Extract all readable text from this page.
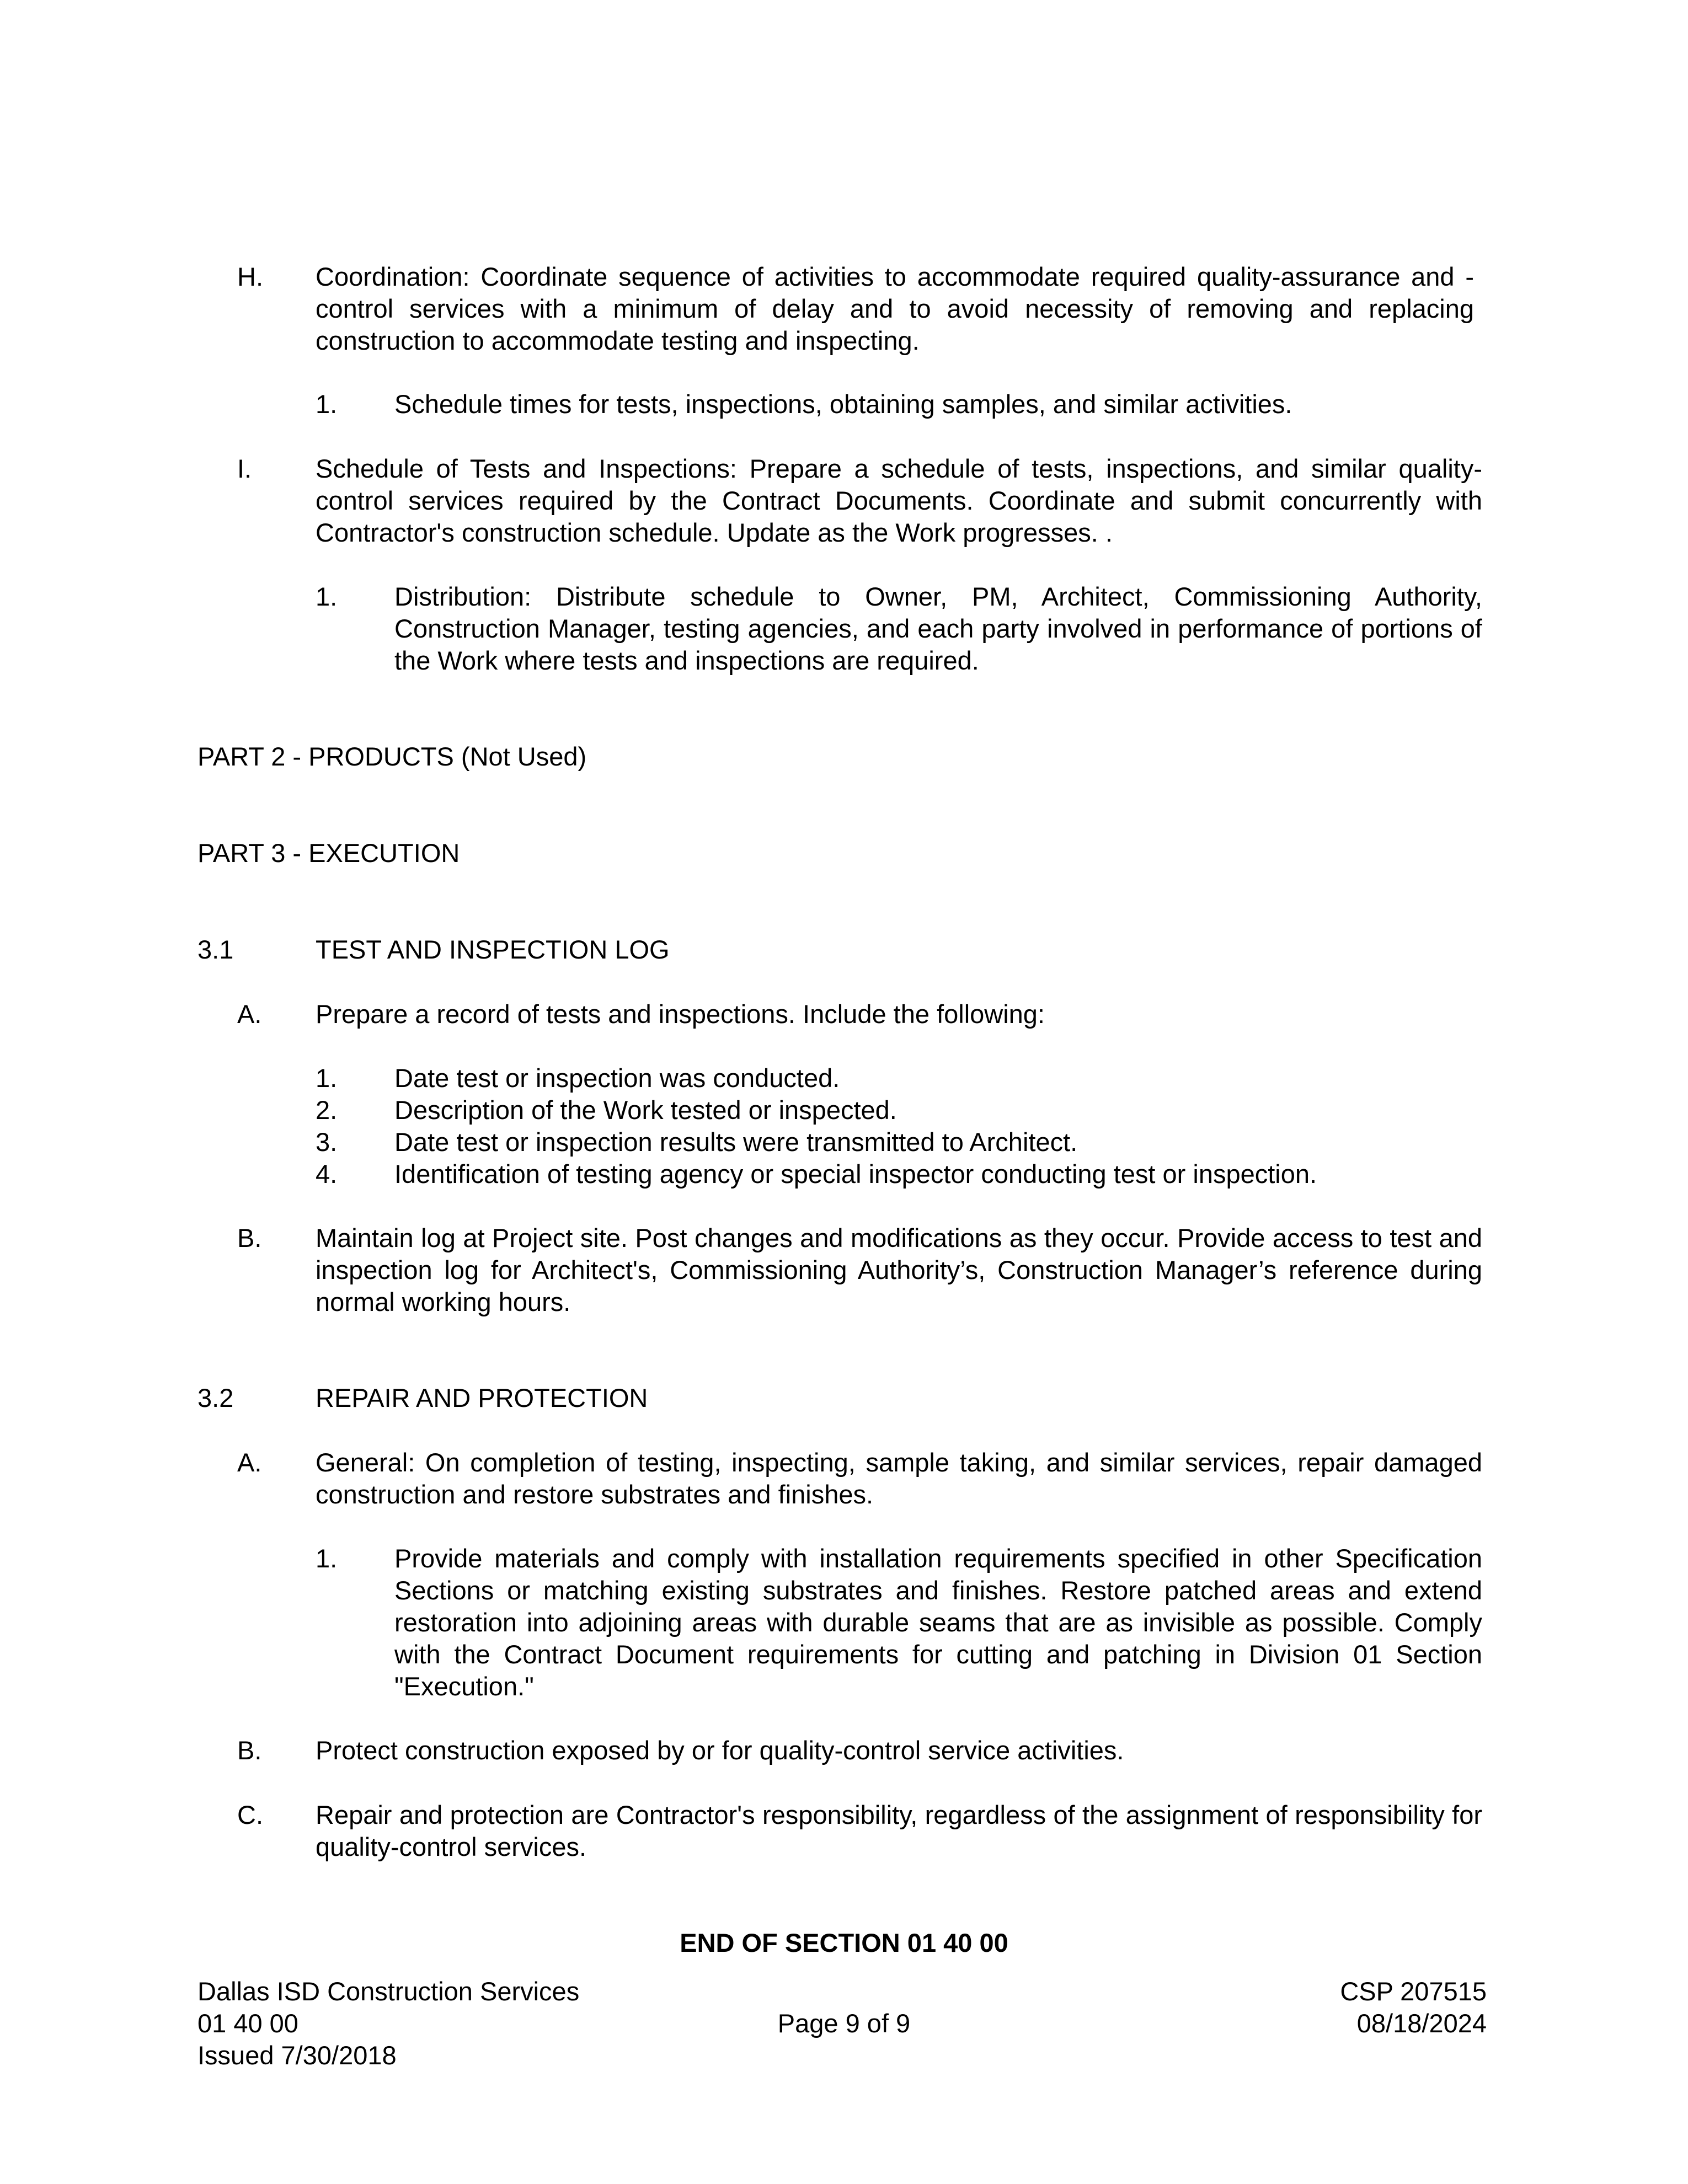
H. Coordination: Coordinate sequence of activities to accommodate required quality-assurance and -control services with a minimum of delay and to avoid necessity of removing and replacing construction to accommodate testing and inspecting.

1. Schedule times for tests, inspections, obtaining samples, and similar activities.

I. Schedule of Tests and Inspections: Prepare a schedule of tests, inspections, and similar quality-control services required by the Contract Documents. Coordinate and submit concurrently with Contractor's construction schedule. Update as the Work progresses. .

1. Distribution: Distribute schedule to Owner, PM, Architect, Commissioning Authority, Construction Manager, testing agencies, and each party involved in performance of portions of the Work where tests and inspections are required.

PART 2 - PRODUCTS (Not Used)

PART 3 - EXECUTION

3.1	TEST AND INSPECTION LOG

A. Prepare a record of tests and inspections. Include the following:

1. Date test or inspection was conducted.

2. Description of the Work tested or inspected.

3. Date test or inspection results were transmitted to Architect.

4. Identification of testing agency or special inspector conducting test or inspection.

B. Maintain log at Project site. Post changes and modifications as they occur. Provide access to test and inspection log for Architect's, Commissioning Authority’s, Construction Manager’s reference during normal working hours.

3.2	REPAIR AND PROTECTION

A. General: On completion of testing, inspecting, sample taking, and similar services, repair damaged construction and restore substrates and finishes.

1. Provide materials and comply with installation requirements specified in other Specification Sections or matching existing substrates and finishes. Restore patched areas and extend restoration into adjoining areas with durable seams that are as invisible as possible. Comply with the Contract Document requirements for cutting and patching in Division 01 Section "Execution."

B. Protect construction exposed by or for quality-control service activities.

C. Repair and protection are Contractor's responsibility, regardless of the assignment of responsibility for quality-control services.

END OF SECTION 01 40 00

Dallas ISD Construction Services
01 40 00
Issued 7/30/2018

Page 9 of 9

CSP 207515
08/18/2024
